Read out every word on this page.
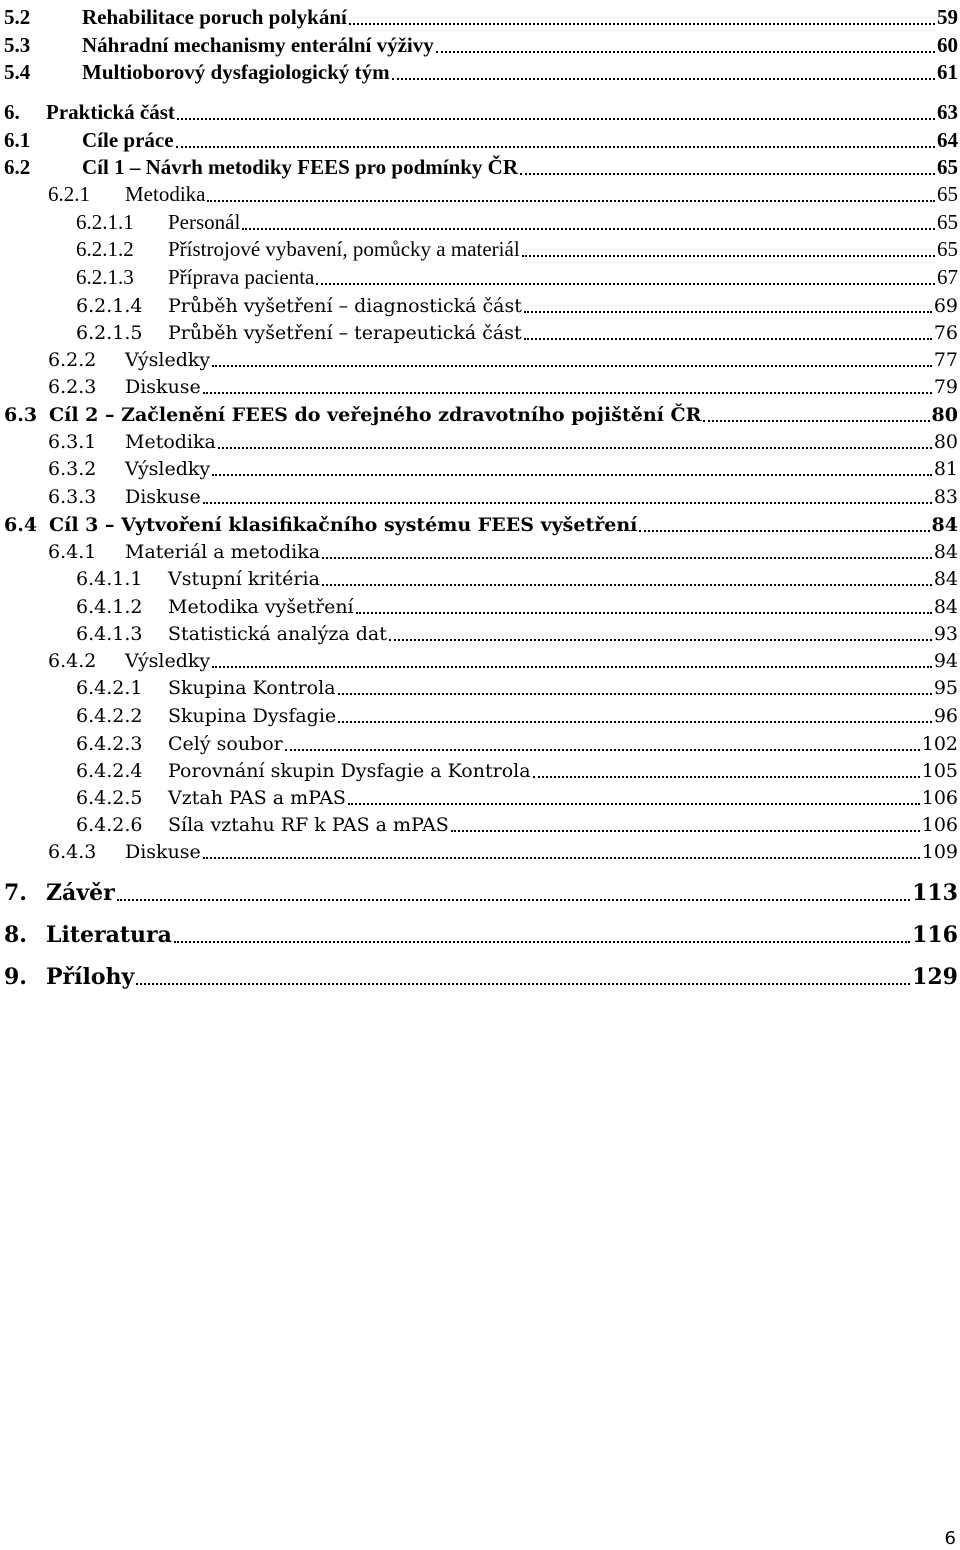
5.2 Rehabilitace poruch polykání	59
5.3 Náhradní mechanismy enterální výživy	60
5.4 Multioborový dysfagiologický tým	61
6. Praktická část	63
6.1 Cíle práce	64
6.2 Cíl 1 – Návrh metodiky FEES pro podmínky ČR	65
6.2.1 Metodika	65
6.2.1.1 Personál	65
6.2.1.2 Přístrojové vybavení, pomůcky a materiál	65
6.2.1.3 Příprava pacienta	67
6.2.1.4 Průběh vyšetření – diagnostická část	69
6.2.1.5 Průběh vyšetření – terapeutická část	76
6.2.2 Výsledky	77
6.2.3 Diskuse	79
6.3 Cíl 2 – Začlenění FEES do veřejného zdravotního pojištění ČR	80
6.3.1 Metodika	80
6.3.2 Výsledky	81
6.3.3 Diskuse	83
6.4 Cíl 3 – Vytvoření klasifikačního systému FEES vyšetření	84
6.4.1 Materiál a metodika	84
6.4.1.1 Vstupní kritéria	84
6.4.1.2 Metodika vyšetření	84
6.4.1.3 Statistická analýza dat	93
6.4.2 Výsledky	94
6.4.2.1 Skupina Kontrola	95
6.4.2.2 Skupina Dysfagie	96
6.4.2.3 Celý soubor	102
6.4.2.4 Porovnání skupin Dysfagie a Kontrola	105
6.4.2.5 Vztah PAS a mPAS	106
6.4.2.6 Síla vztahu RF k PAS a mPAS	106
6.4.3 Diskuse	109
7. Závěr	113
8. Literatura	116
9. Přílohy	129
6
